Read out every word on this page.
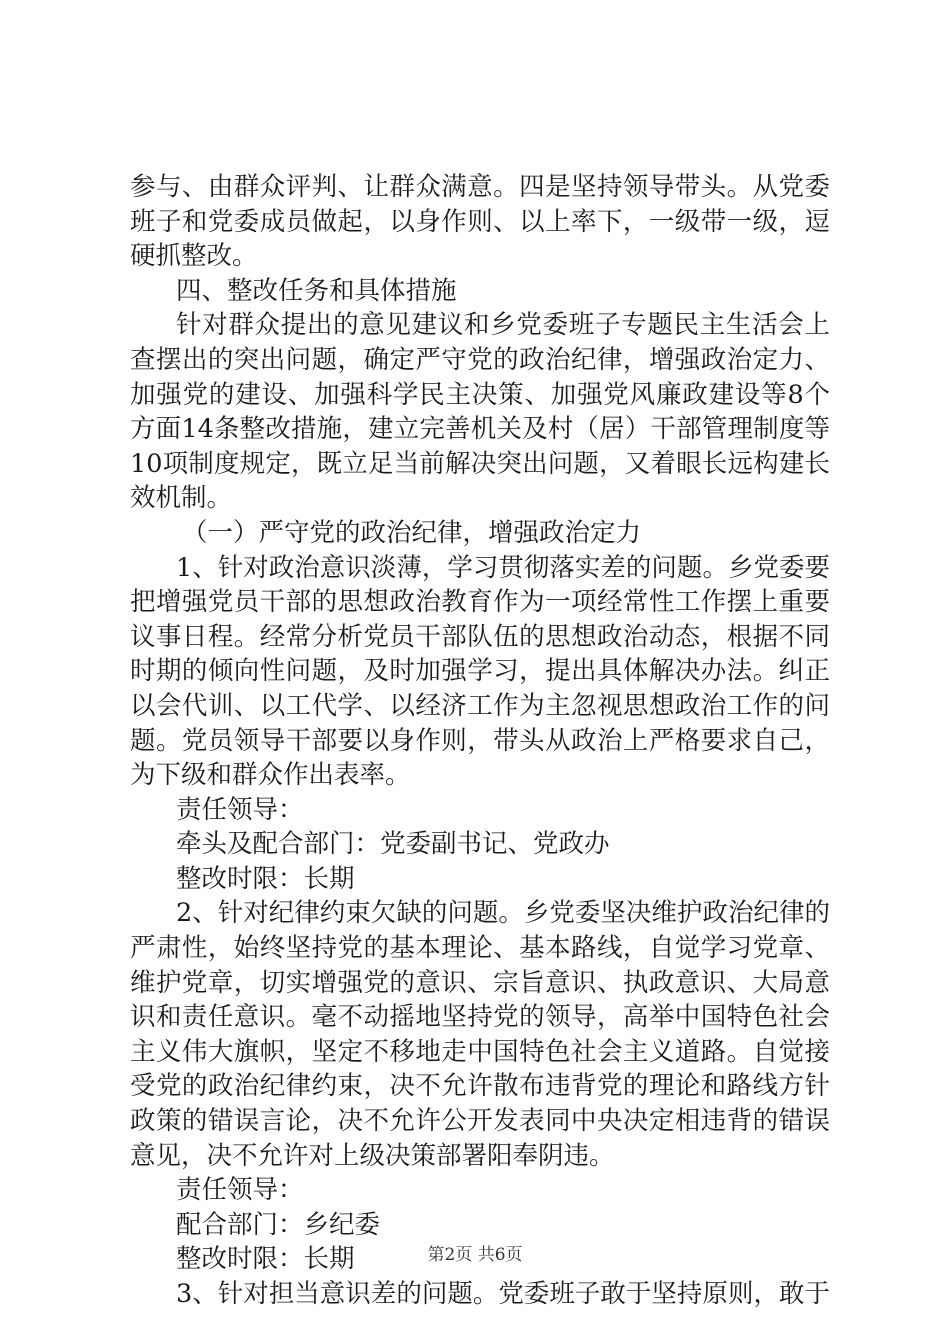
参与、由群众评判、让群众满意。四是坚持领导带头。从党委
班子和党委成员做起，以身作则、以上率下，一级带一级，逗
硬抓整改。
四、整改任务和具体措施
针对群众提出的意见建议和乡党委班子专题民主生活会上
查摆出的突出问题，确定严守党的政治纪律，增强政治定力、
加强党的建设、加强科学民主决策、加强党风廉政建设等8个
方面14条整改措施，建立完善机关及村（居）干部管理制度等
10项制度规定，既立足当前解决突出问题，又着眼长远构建长
效机制。
（一）严守党的政治纪律，增强政治定力
1、针对政治意识淡薄，学习贯彻落实差的问题。乡党委要
把增强党员干部的思想政治教育作为一项经常性工作摆上重要
议事日程。经常分析党员干部队伍的思想政治动态，根据不同
时期的倾向性问题，及时加强学习，提出具体解决办法。纠正
以会代训、以工代学、以经济工作为主忽视思想政治工作的问
题。党员领导干部要以身作则，带头从政治上严格要求自己，
为下级和群众作出表率。
责任领导：
牵头及配合部门：党委副书记、党政办
整改时限：长期
2、针对纪律约束欠缺的问题。乡党委坚决维护政治纪律的
严肃性，始终坚持党的基本理论、基本路线，自觉学习党章、
维护党章，切实增强党的意识、宗旨意识、执政意识、大局意
识和责任意识。毫不动摇地坚持党的领导，高举中国特色社会
主义伟大旗帜，坚定不移地走中国特色社会主义道路。自觉接
受党的政治纪律约束，决不允许散布违背党的理论和路线方针
政策的错误言论，决不允许公开发表同中央决定相违背的错误
意见，决不允许对上级决策部署阳奉阴违。
责任领导：
配合部门：乡纪委
整改时限：长期
3、针对担当意识差的问题。党委班子敢于坚持原则，敢于
第2页 共6页
